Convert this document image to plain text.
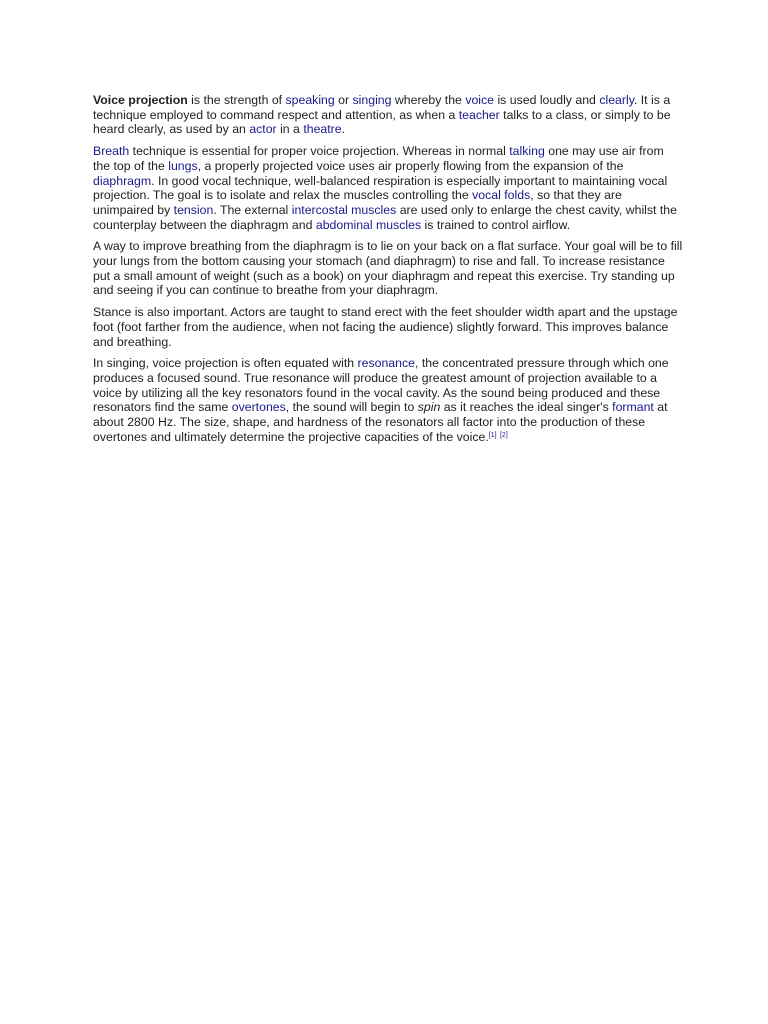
Voice projection is the strength of speaking or singing whereby the voice is used loudly and clearly. It is a technique employed to command respect and attention, as when a teacher talks to a class, or simply to be heard clearly, as used by an actor in a theatre.

Breath technique is essential for proper voice projection. Whereas in normal talking one may use air from the top of the lungs, a properly projected voice uses air properly flowing from the expansion of the diaphragm. In good vocal technique, well-balanced respiration is especially important to maintaining vocal projection. The goal is to isolate and relax the muscles controlling the vocal folds, so that they are unimpaired by tension. The external intercostal muscles are used only to enlarge the chest cavity, whilst the counterplay between the diaphragm and abdominal muscles is trained to control airflow.

A way to improve breathing from the diaphragm is to lie on your back on a flat surface. Your goal will be to fill your lungs from the bottom causing your stomach (and diaphragm) to rise and fall. To increase resistance put a small amount of weight (such as a book) on your diaphragm and repeat this exercise. Try standing up and seeing if you can continue to breathe from your diaphragm.

Stance is also important. Actors are taught to stand erect with the feet shoulder width apart and the upstage foot (foot farther from the audience, when not facing the audience) slightly forward. This improves balance and breathing.

In singing, voice projection is often equated with resonance, the concentrated pressure through which one produces a focused sound. True resonance will produce the greatest amount of projection available to a voice by utilizing all the key resonators found in the vocal cavity. As the sound being produced and these resonators find the same overtones, the sound will begin to spin as it reaches the ideal singer's formant at about 2800 Hz. The size, shape, and hardness of the resonators all factor into the production of these overtones and ultimately determine the projective capacities of the voice.[1] [2]
